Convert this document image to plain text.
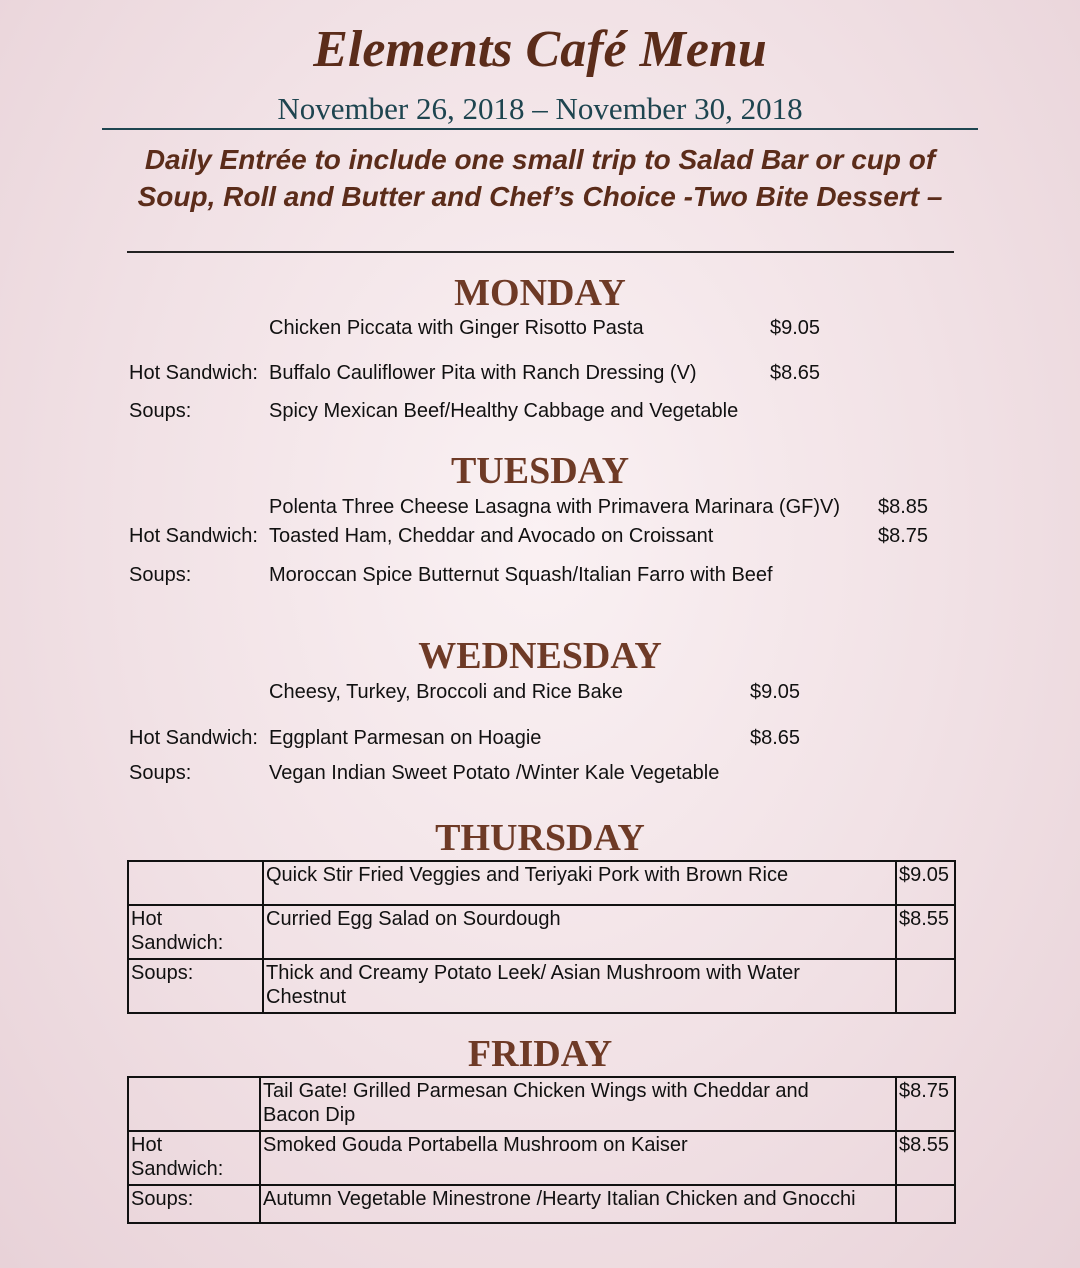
Elements Café Menu
November 26, 2018 – November 30, 2018
Daily Entrée to include one small trip to Salad Bar or cup of Soup, Roll and Butter and Chef’s Choice -Two Bite Dessert –
MONDAY
Chicken Piccata with Ginger Risotto Pasta	$9.05
Hot Sandwich: Buffalo Cauliflower Pita with Ranch Dressing (V)	$8.65
Soups:	Spicy Mexican Beef/Healthy Cabbage and Vegetable
TUESDAY
Polenta Three Cheese Lasagna with Primavera Marinara (GF)V) $8.85
Hot Sandwich: Toasted Ham, Cheddar and Avocado on Croissant	$8.75
Soups:	Moroccan Spice Butternut Squash/Italian Farro with Beef
WEDNESDAY
Cheesy, Turkey, Broccoli and Rice Bake	$9.05
Hot Sandwich: Eggplant Parmesan on Hoagie	$8.65
Soups:	Vegan Indian Sweet Potato /Winter Kale Vegetable
THURSDAY
	Quick Stir Fried Veggies and Teriyaki Pork with Brown Rice	$9.05

Hot
Sandwich:	Curried Egg Salad on Sourdough	$8.55
Soups:	Thick and Creamy Potato Leek/ Asian Mushroom with Water
Chestnut	

FRIDAY

	Tail Gate! Grilled Parmesan Chicken Wings with Cheddar and
Bacon Dip	$8.75

Hot
Sandwich:	Smoked Gouda Portabella Mushroom on Kaiser	$8.55
Soups:	Autumn Vegetable Minestrone /Hearty Italian Chicken and Gnocchi	
